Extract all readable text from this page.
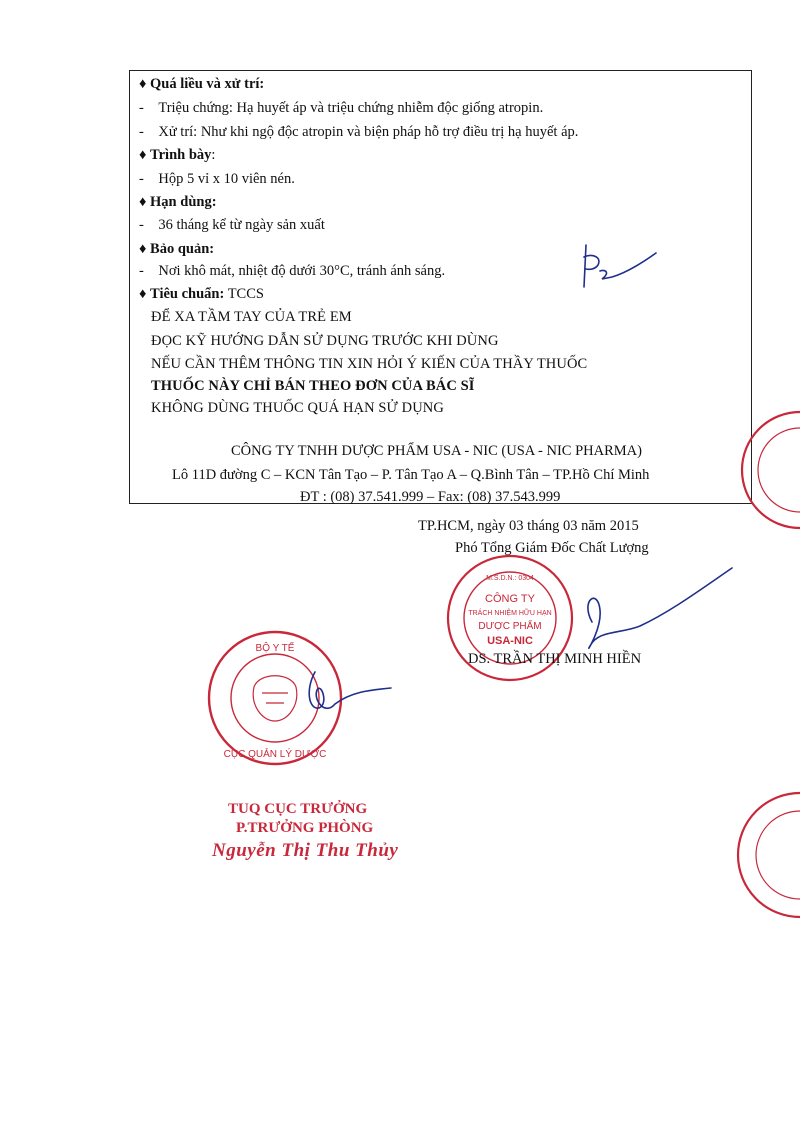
♦ Quá liều và xử trí:
- Triệu chứng: Hạ huyết áp và triệu chứng nhiễm độc giống atropin.
- Xử trí: Như khi ngộ độc atropin và biện pháp hỗ trợ điều trị hạ huyết áp.
♦ Trình bày:
- Hộp 5 vỉ x 10 viên nén.
♦ Hạn dùng:
- 36 tháng kể từ ngày sản xuất
♦ Bảo quản:
- Nơi khô mát, nhiệt độ dưới 30°C, tránh ánh sáng.
♦ Tiêu chuẩn: TCCS
ĐỂ XA TẦM TAY CỦA TRẺ EM
ĐỌC KỸ HƯỚNG DẪN SỬ DỤNG TRƯỚC KHI DÙNG
NẾU CẦN THÊM THÔNG TIN XIN HỎI Ý KIẾN CỦA THẦY THUỐC
THUỐC NÀY CHỈ BÁN THEO ĐƠN CỦA BÁC SĨ
KHÔNG DÙNG THUỐC QUÁ HẠN SỬ DỤNG
CÔNG TY TNHH DƯỢC PHẨM USA - NIC (USA - NIC PHARMA)
Lô 11D đường C – KCN Tân Tạo – P. Tân Tạo A – Q.Bình Tân – TP.Hồ Chí Minh
ĐT : (08) 37.541.999 – Fax: (08) 37.543.999
TP.HCM, ngày 03 tháng 03 năm 2015
Phó Tổng Giám Đốc Chất Lượng
M.S.D.N.: 0304
CÔNG TY
TRÁCH NHIỆM HỮU HẠN
DƯỢC PHẨM
USA-NIC
DS. TRẦN THỊ MINH HIỀN
BỘ Y TẾ
CỤC QUẢN LÝ DƯỢC
TUQ CỤC TRƯỞNG
P.TRƯỞNG PHÒNG
Nguyễn Thị Thu Thủy
